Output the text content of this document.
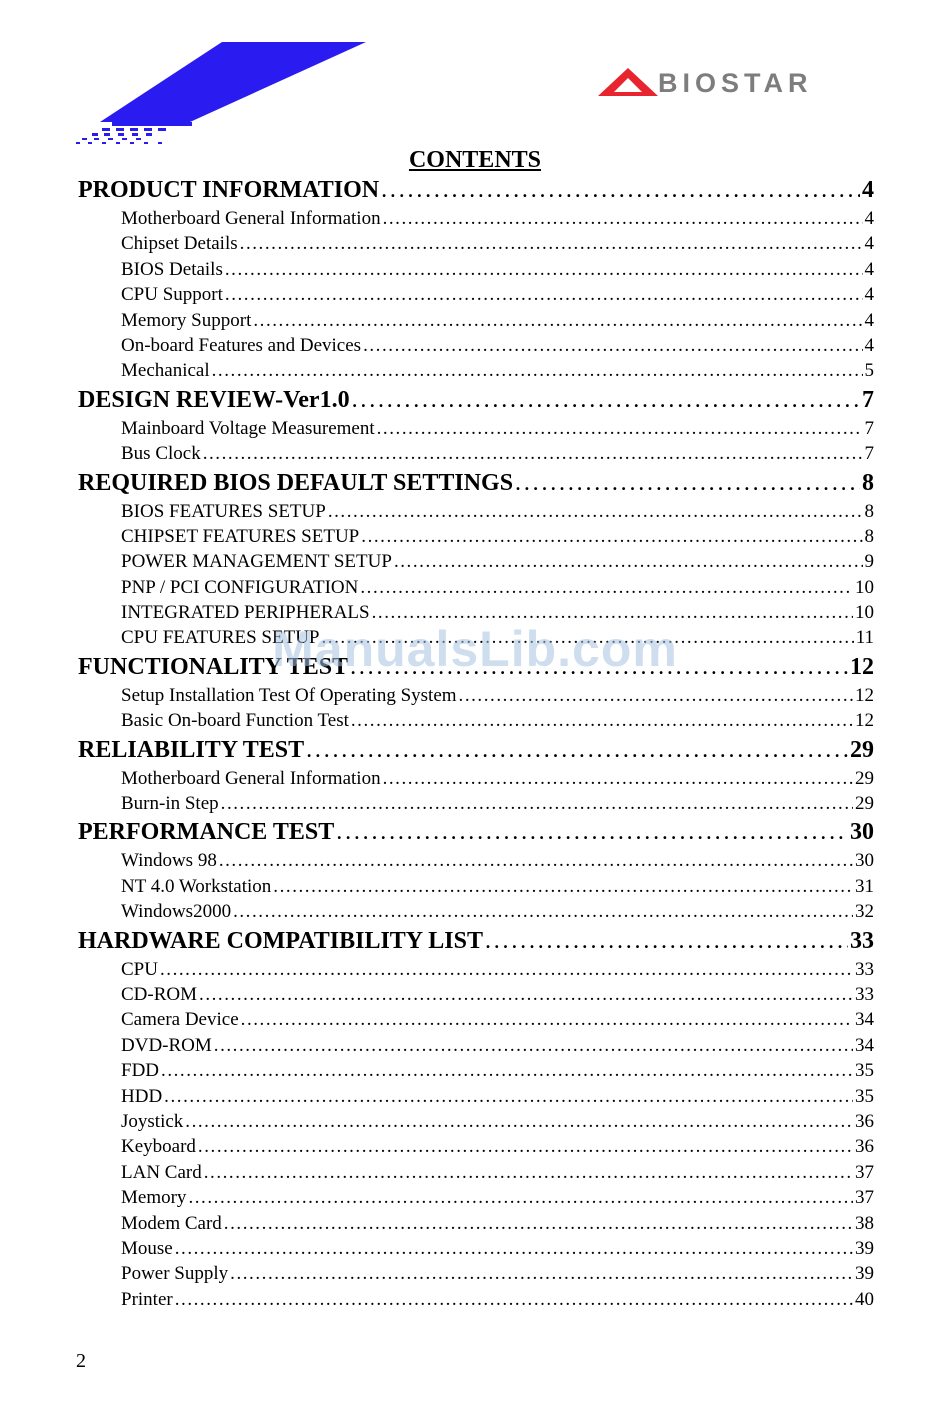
BIOSTAR
CONTENTS
PRODUCT INFORMATION . . .	4
Motherboard General Information . . .	4
Chipset Details . . .	4
BIOS Details . . .	4
CPU Support . . .	4
Memory Support . . .	4
On-board Features and Devices . . .	4
Mechanical . . .	5
DESIGN REVIEW-Ver1.0 . . .	7
Mainboard Voltage Measurement . . .	7
Bus Clock . . .	7
REQUIRED BIOS DEFAULT SETTINGS . . .	8
BIOS FEATURES SETUP . . .	8
CHIPSET FEATURES SETUP . . .	8
POWER MANAGEMENT SETUP . . .	9
PNP / PCI CONFIGURATION . . .	10
INTEGRATED PERIPHERALS . . .	10
CPU FEATURES SETUP . . .	11
FUNCTIONALITY TEST . . .	12
Setup Installation Test Of Operating System . . .	12
Basic On-board Function Test . . .	12
RELIABILITY TEST . . .	29
Motherboard General Information . . .	29
Burn-in Step . . .	29
PERFORMANCE TEST . . .	30
Windows 98 . . .	30
NT 4.0 Workstation . . .	31
Windows2000 . . .	32
HARDWARE COMPATIBILITY LIST . . .	33
CPU . . .	33
CD-ROM . . .	33
Camera Device . . .	34
DVD-ROM . . .	34
FDD . . .	35
HDD . . .	35
Joystick . . .	36
Keyboard . . .	36
LAN Card . . .	37
Memory . . .	37
Modem Card . . .	38
Mouse . . .	39
Power Supply . . .	39
Printer . . .	40
ManualsLib.com
2
